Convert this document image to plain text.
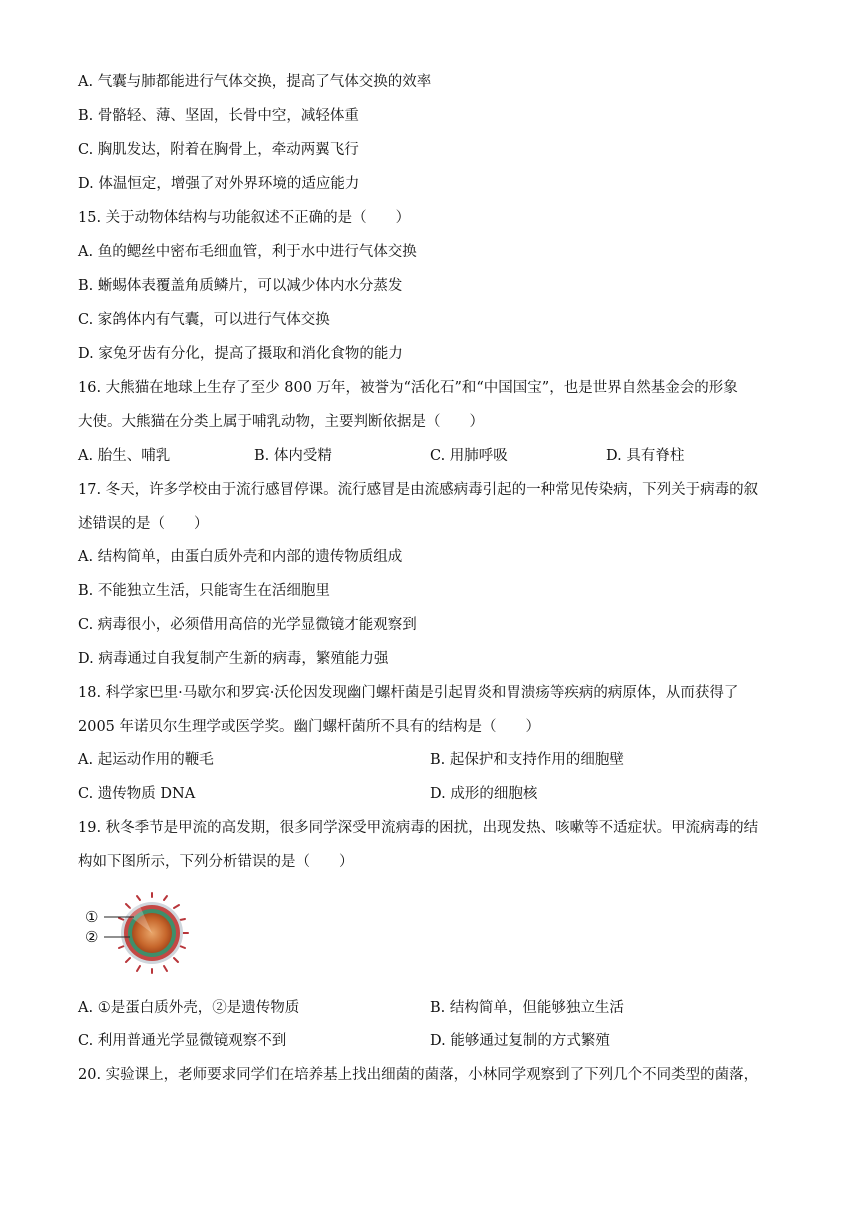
A. 气囊与肺都能进行气体交换，提高了气体交换的效率
B. 骨骼轻、薄、坚固，长骨中空，减轻体重
C. 胸肌发达，附着在胸骨上，牵动两翼飞行
D. 体温恒定，增强了对外界环境的适应能力
15. 关于动物体结构与功能叙述不正确的是（　　）
A. 鱼的鳃丝中密布毛细血管，利于水中进行气体交换
B. 蜥蜴体表覆盖角质鳞片，可以减少体内水分蒸发
C. 家鸽体内有气囊，可以进行气体交换
D. 家兔牙齿有分化，提高了摄取和消化食物的能力
16. 大熊猫在地球上生存了至少 800 万年，被誉为“活化石”和“中国国宝”，也是世界自然基金会的形象
大使。大熊猫在分类上属于哺乳动物，主要判断依据是（　　）
A. 胎生、哺乳	B. 体内受精	C. 用肺呼吸	D. 具有脊柱
17. 冬天，许多学校由于流行感冒停课。流行感冒是由流感病毒引起的一种常见传染病，下列关于病毒的叙
述错误的是（　　）
A. 结构简单，由蛋白质外壳和内部的遗传物质组成
B. 不能独立生活，只能寄生在活细胞里
C. 病毒很小，必须借用高倍的光学显微镜才能观察到
D. 病毒通过自我复制产生新的病毒，繁殖能力强
18. 科学家巴里·马歇尔和罗宾·沃伦因发现幽门螺杆菌是引起胃炎和胃溃疡等疾病的病原体，从而获得了
2005 年诺贝尔生理学或医学奖。幽门螺杆菌所不具有的结构是（　　）
A. 起运动作用的鞭毛	B. 起保护和支持作用的细胞壁
C. 遗传物质 DNA	D. 成形的细胞核
19. 秋冬季节是甲流的高发期，很多同学深受甲流病毒的困扰，出现发热、咳嗽等不适症状。甲流病毒的结
构如下图所示，下列分析错误的是（　　）
①
②
A. ①是蛋白质外壳，②是遗传物质	B. 结构简单，但能够独立生活
C. 利用普通光学显微镜观察不到	D. 能够通过复制的方式繁殖
20. 实验课上，老师要求同学们在培养基上找出细菌的菌落，小林同学观察到了下列几个不同类型的菌落，
